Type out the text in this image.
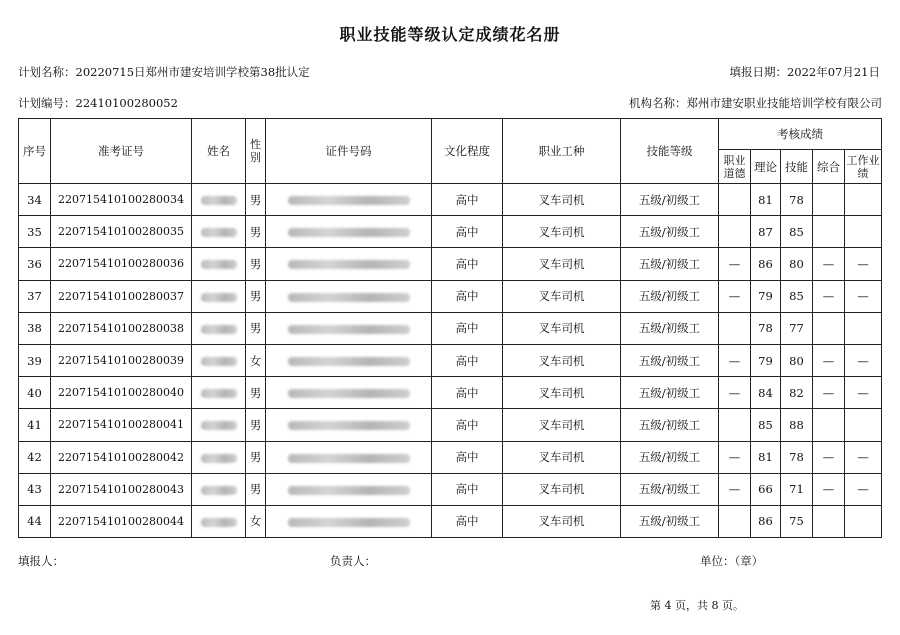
职业技能等级认定成绩花名册
计划名称：20220715日郑州市建安培训学校第38批认定	填报日期：2022年07月21日
计划编号：22410100280052	机构名称：郑州市建安职业技能培训学校有限公司
序号	准考证号	姓名	性别	证件号码	文化程度	职业工种	技能等级	考核成绩				
								职业道德	理论	技能	综合	工作业绩
34	220715410100280034		男		高中	叉车司机	五级/初级工		81	78		
35	220715410100280035		男		高中	叉车司机	五级/初级工		87	85		
36	220715410100280036		男		高中	叉车司机	五级/初级工	—	86	80	—	—
37	220715410100280037		男		高中	叉车司机	五级/初级工	—	79	85	—	—
38	220715410100280038		男		高中	叉车司机	五级/初级工		78	77		
39	220715410100280039		女		高中	叉车司机	五级/初级工	—	79	80	—	—
40	220715410100280040		男		高中	叉车司机	五级/初级工	—	84	82	—	—
41	220715410100280041		男		高中	叉车司机	五级/初级工		85	88		
42	220715410100280042		男		高中	叉车司机	五级/初级工	—	81	78	—	—
43	220715410100280043		男		高中	叉车司机	五级/初级工	—	66	71	—	—
44	220715410100280044		女		高中	叉车司机	五级/初级工		86	75		
填报人：	负责人：	单位：（章）
第 4 页，共 8 页。
